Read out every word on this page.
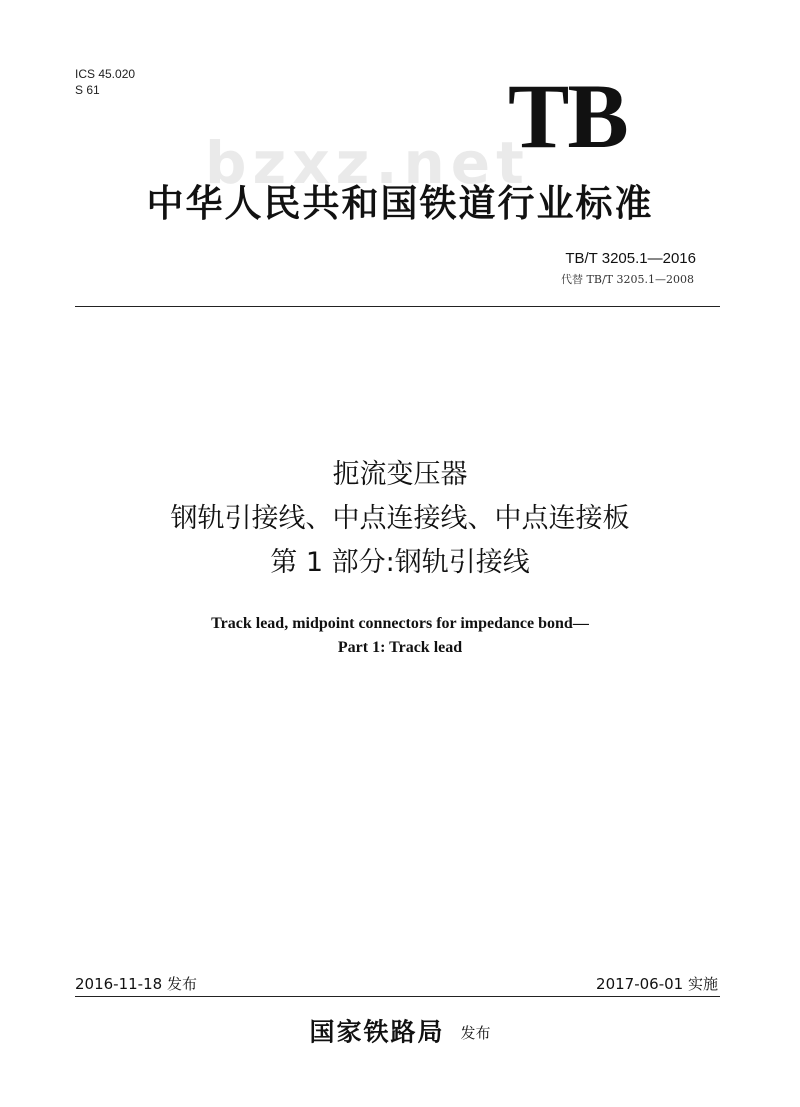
ICS 45.020
S 61	TB
bzxz.net
中华人民共和国铁道行业标准
TB/T 3205.1—2016
代替 TB/T 3205.1—2008
扼流变压器
钢轨引接线、中点连接线、中点连接板
第 1 部分:钢轨引接线
Track lead, midpoint connectors for impedance bond—
Part 1: Track lead
2016-11-18 发布	2017-06-01 实施
国家铁路局 发布
